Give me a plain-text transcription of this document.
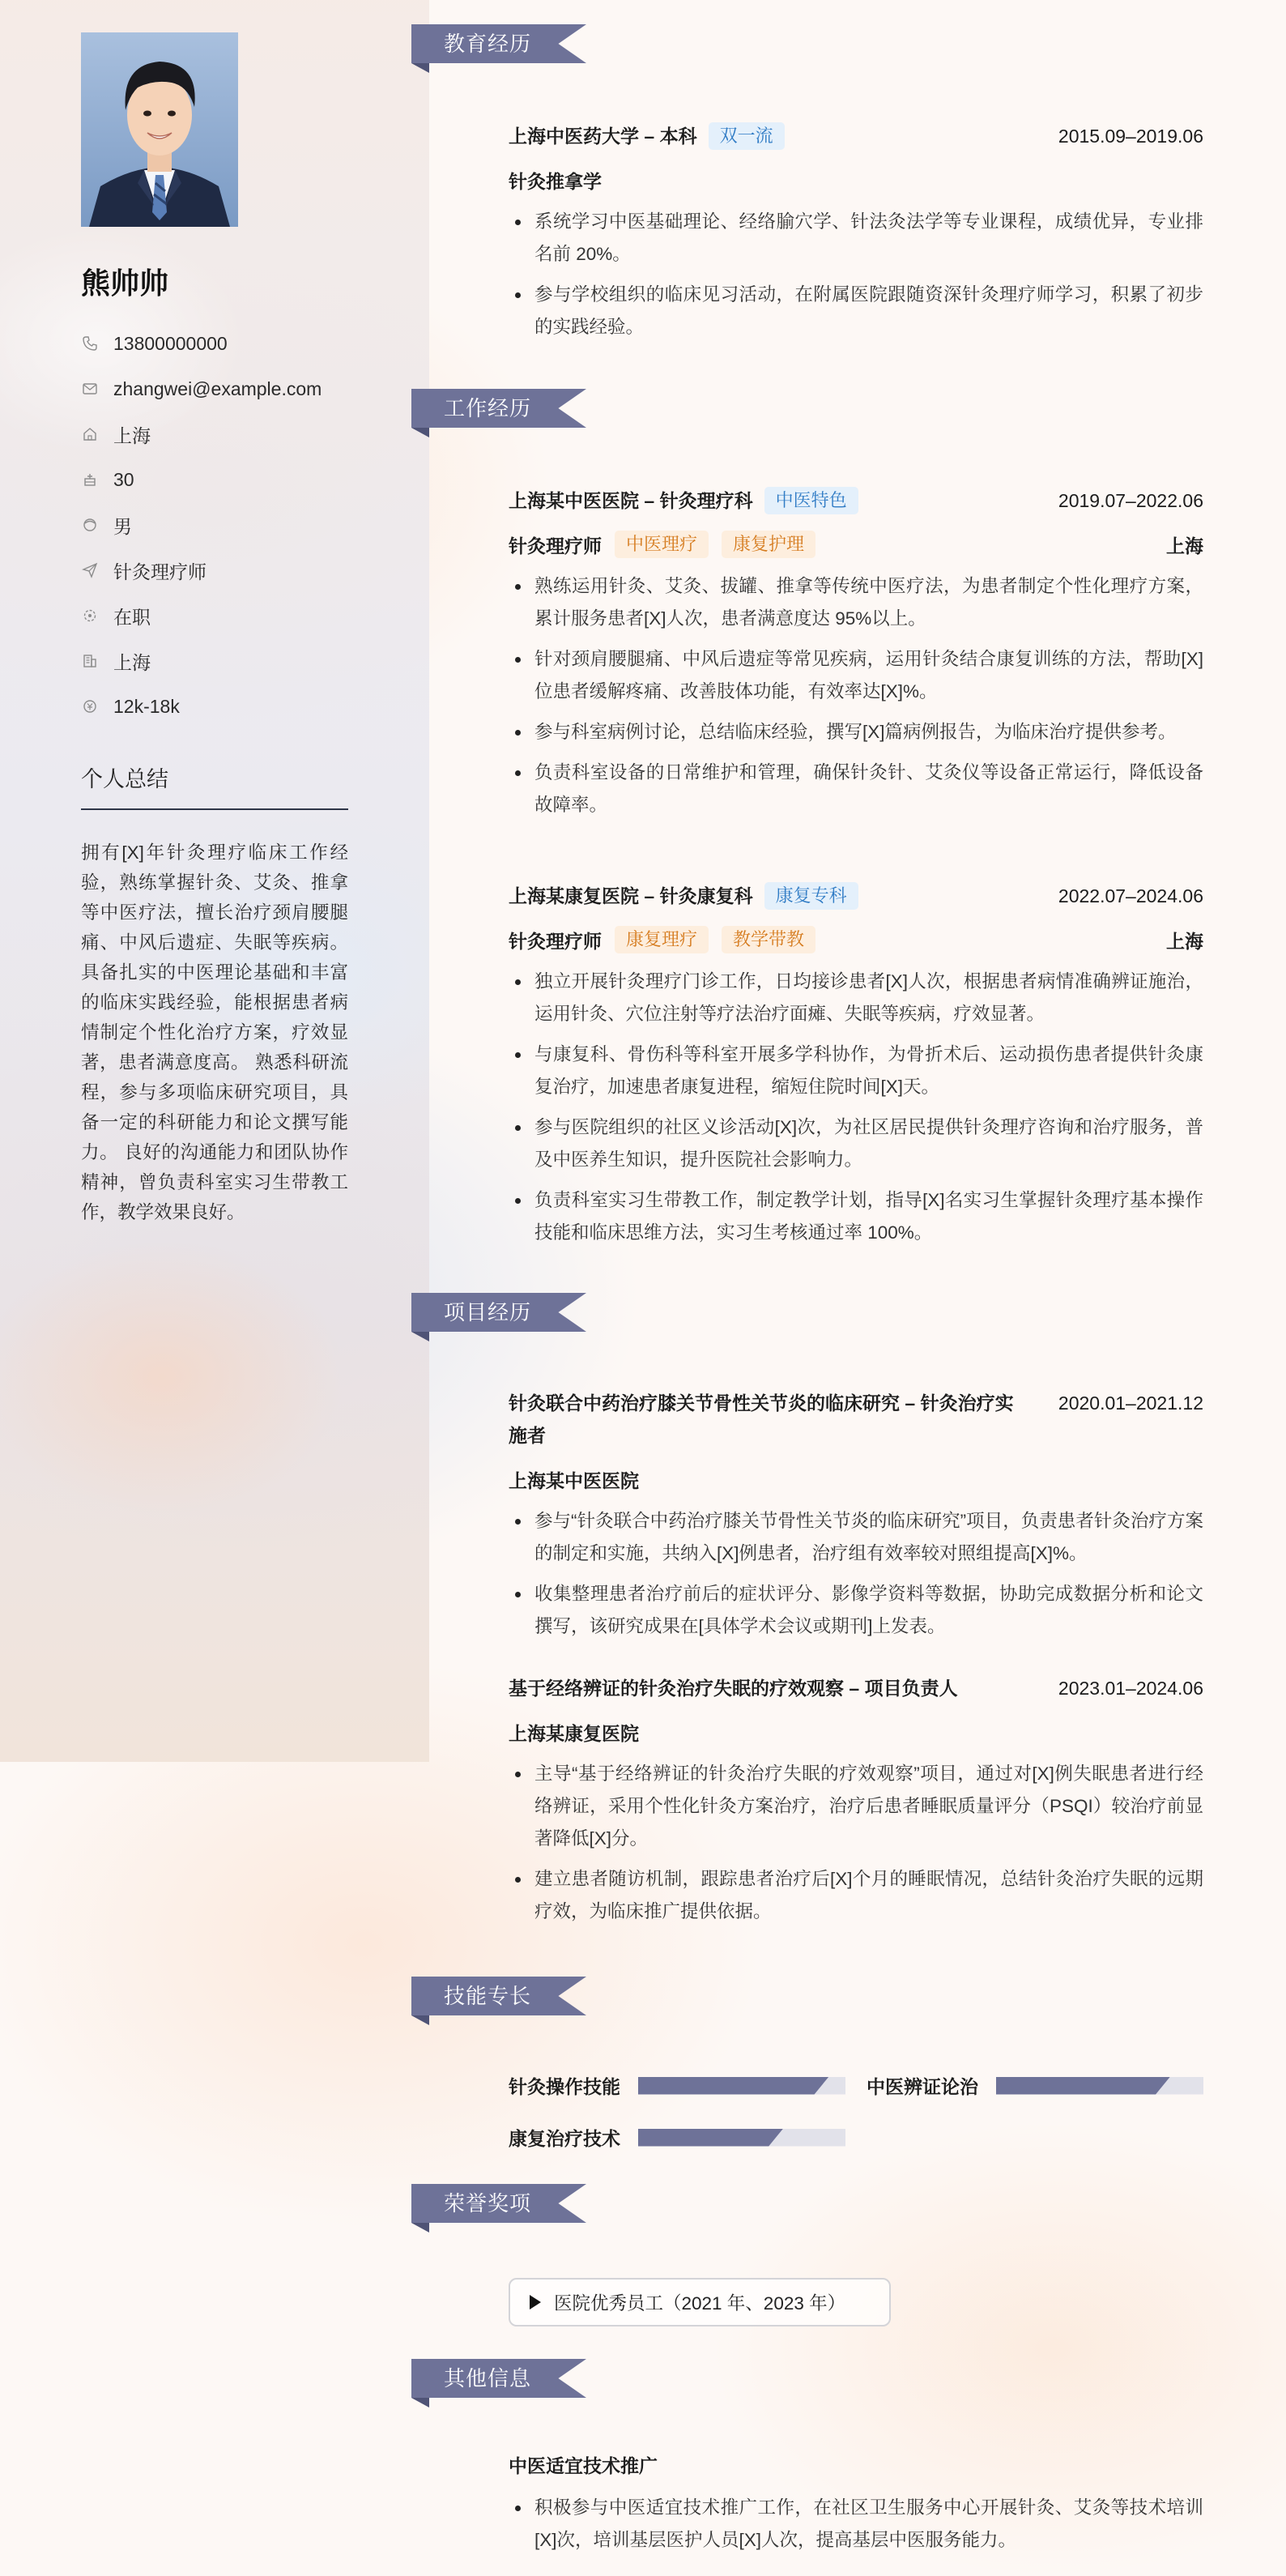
熊帅帅
13800000000
zhangwei@example.com
上海
30
男
针灸理疗师
在职
上海
12k-18k
个人总结
拥有[X]年针灸理疗临床工作经验，熟练掌握针灸、艾灸、推拿等中医疗法，擅长治疗颈肩腰腿痛、中风后遗症、失眠等疾病。 具备扎实的中医理论基础和丰富的临床实践经验，能根据患者病情制定个性化治疗方案，疗效显著，患者满意度高。 熟悉科研流程，参与多项临床研究项目，具备一定的科研能力和论文撰写能力。 良好的沟通能力和团队协作精神，曾负责科室实习生带教工作，教学效果良好。
教育经历
上海中医药大学 – 本科	双一流	2015.09–2019.06
针灸推拿学
系统学习中医基础理论、经络腧穴学、针法灸法学等专业课程，成绩优异，专业排名前 20%。
参与学校组织的临床见习活动，在附属医院跟随资深针灸理疗师学习，积累了初步的实践经验。
工作经历
上海某中医医院 – 针灸理疗科	中医特色	2019.07–2022.06
针灸理疗师	中医理疗	康复护理	上海
熟练运用针灸、艾灸、拔罐、推拿等传统中医疗法，为患者制定个性化理疗方案，累计服务患者[X]人次，患者满意度达 95%以上。
针对颈肩腰腿痛、中风后遗症等常见疾病，运用针灸结合康复训练的方法，帮助[X]位患者缓解疼痛、改善肢体功能，有效率达[X]%。
参与科室病例讨论，总结临床经验，撰写[X]篇病例报告，为临床治疗提供参考。
负责科室设备的日常维护和管理，确保针灸针、艾灸仪等设备正常运行，降低设备故障率。
上海某康复医院 – 针灸康复科	康复专科	2022.07–2024.06
针灸理疗师	康复理疗	教学带教	上海
独立开展针灸理疗门诊工作，日均接诊患者[X]人次，根据患者病情准确辨证施治，运用针灸、穴位注射等疗法治疗面瘫、失眠等疾病，疗效显著。
与康复科、骨伤科等科室开展多学科协作，为骨折术后、运动损伤患者提供针灸康复治疗，加速患者康复进程，缩短住院时间[X]天。
参与医院组织的社区义诊活动[X]次，为社区居民提供针灸理疗咨询和治疗服务，普及中医养生知识，提升医院社会影响力。
负责科室实习生带教工作，制定教学计划，指导[X]名实习生掌握针灸理疗基本操作技能和临床思维方法，实习生考核通过率 100%。
项目经历
针灸联合中药治疗膝关节骨性关节炎的临床研究 – 针灸治疗实施者
2020.01–2021.12
上海某中医医院
参与“针灸联合中药治疗膝关节骨性关节炎的临床研究”项目，负责患者针灸治疗方案的制定和实施，共纳入[X]例患者，治疗组有效率较对照组提高[X]%。
收集整理患者治疗前后的症状评分、影像学资料等数据，协助完成数据分析和论文撰写，该研究成果在[具体学术会议或期刊]上发表。
基于经络辨证的针灸治疗失眠的疗效观察 – 项目负责人	2023.01–2024.06
上海某康复医院
主导“基于经络辨证的针灸治疗失眠的疗效观察”项目，通过对[X]例失眠患者进行经络辨证，采用个性化针灸方案治疗，治疗后患者睡眠质量评分（PSQI）较治疗前显著降低[X]分。
建立患者随访机制，跟踪患者治疗后[X]个月的睡眠情况，总结针灸治疗失眠的远期疗效，为临床推广提供依据。
技能专长
针灸操作技能	中医辨证论治
康复治疗技术
荣誉奖项
医院优秀员工（2021 年、2023 年）
其他信息
中医适宜技术推广
积极参与中医适宜技术推广工作，在社区卫生服务中心开展针灸、艾灸等技术培训[X]次，培训基层医护人员[X]人次，提高基层中医服务能力。
